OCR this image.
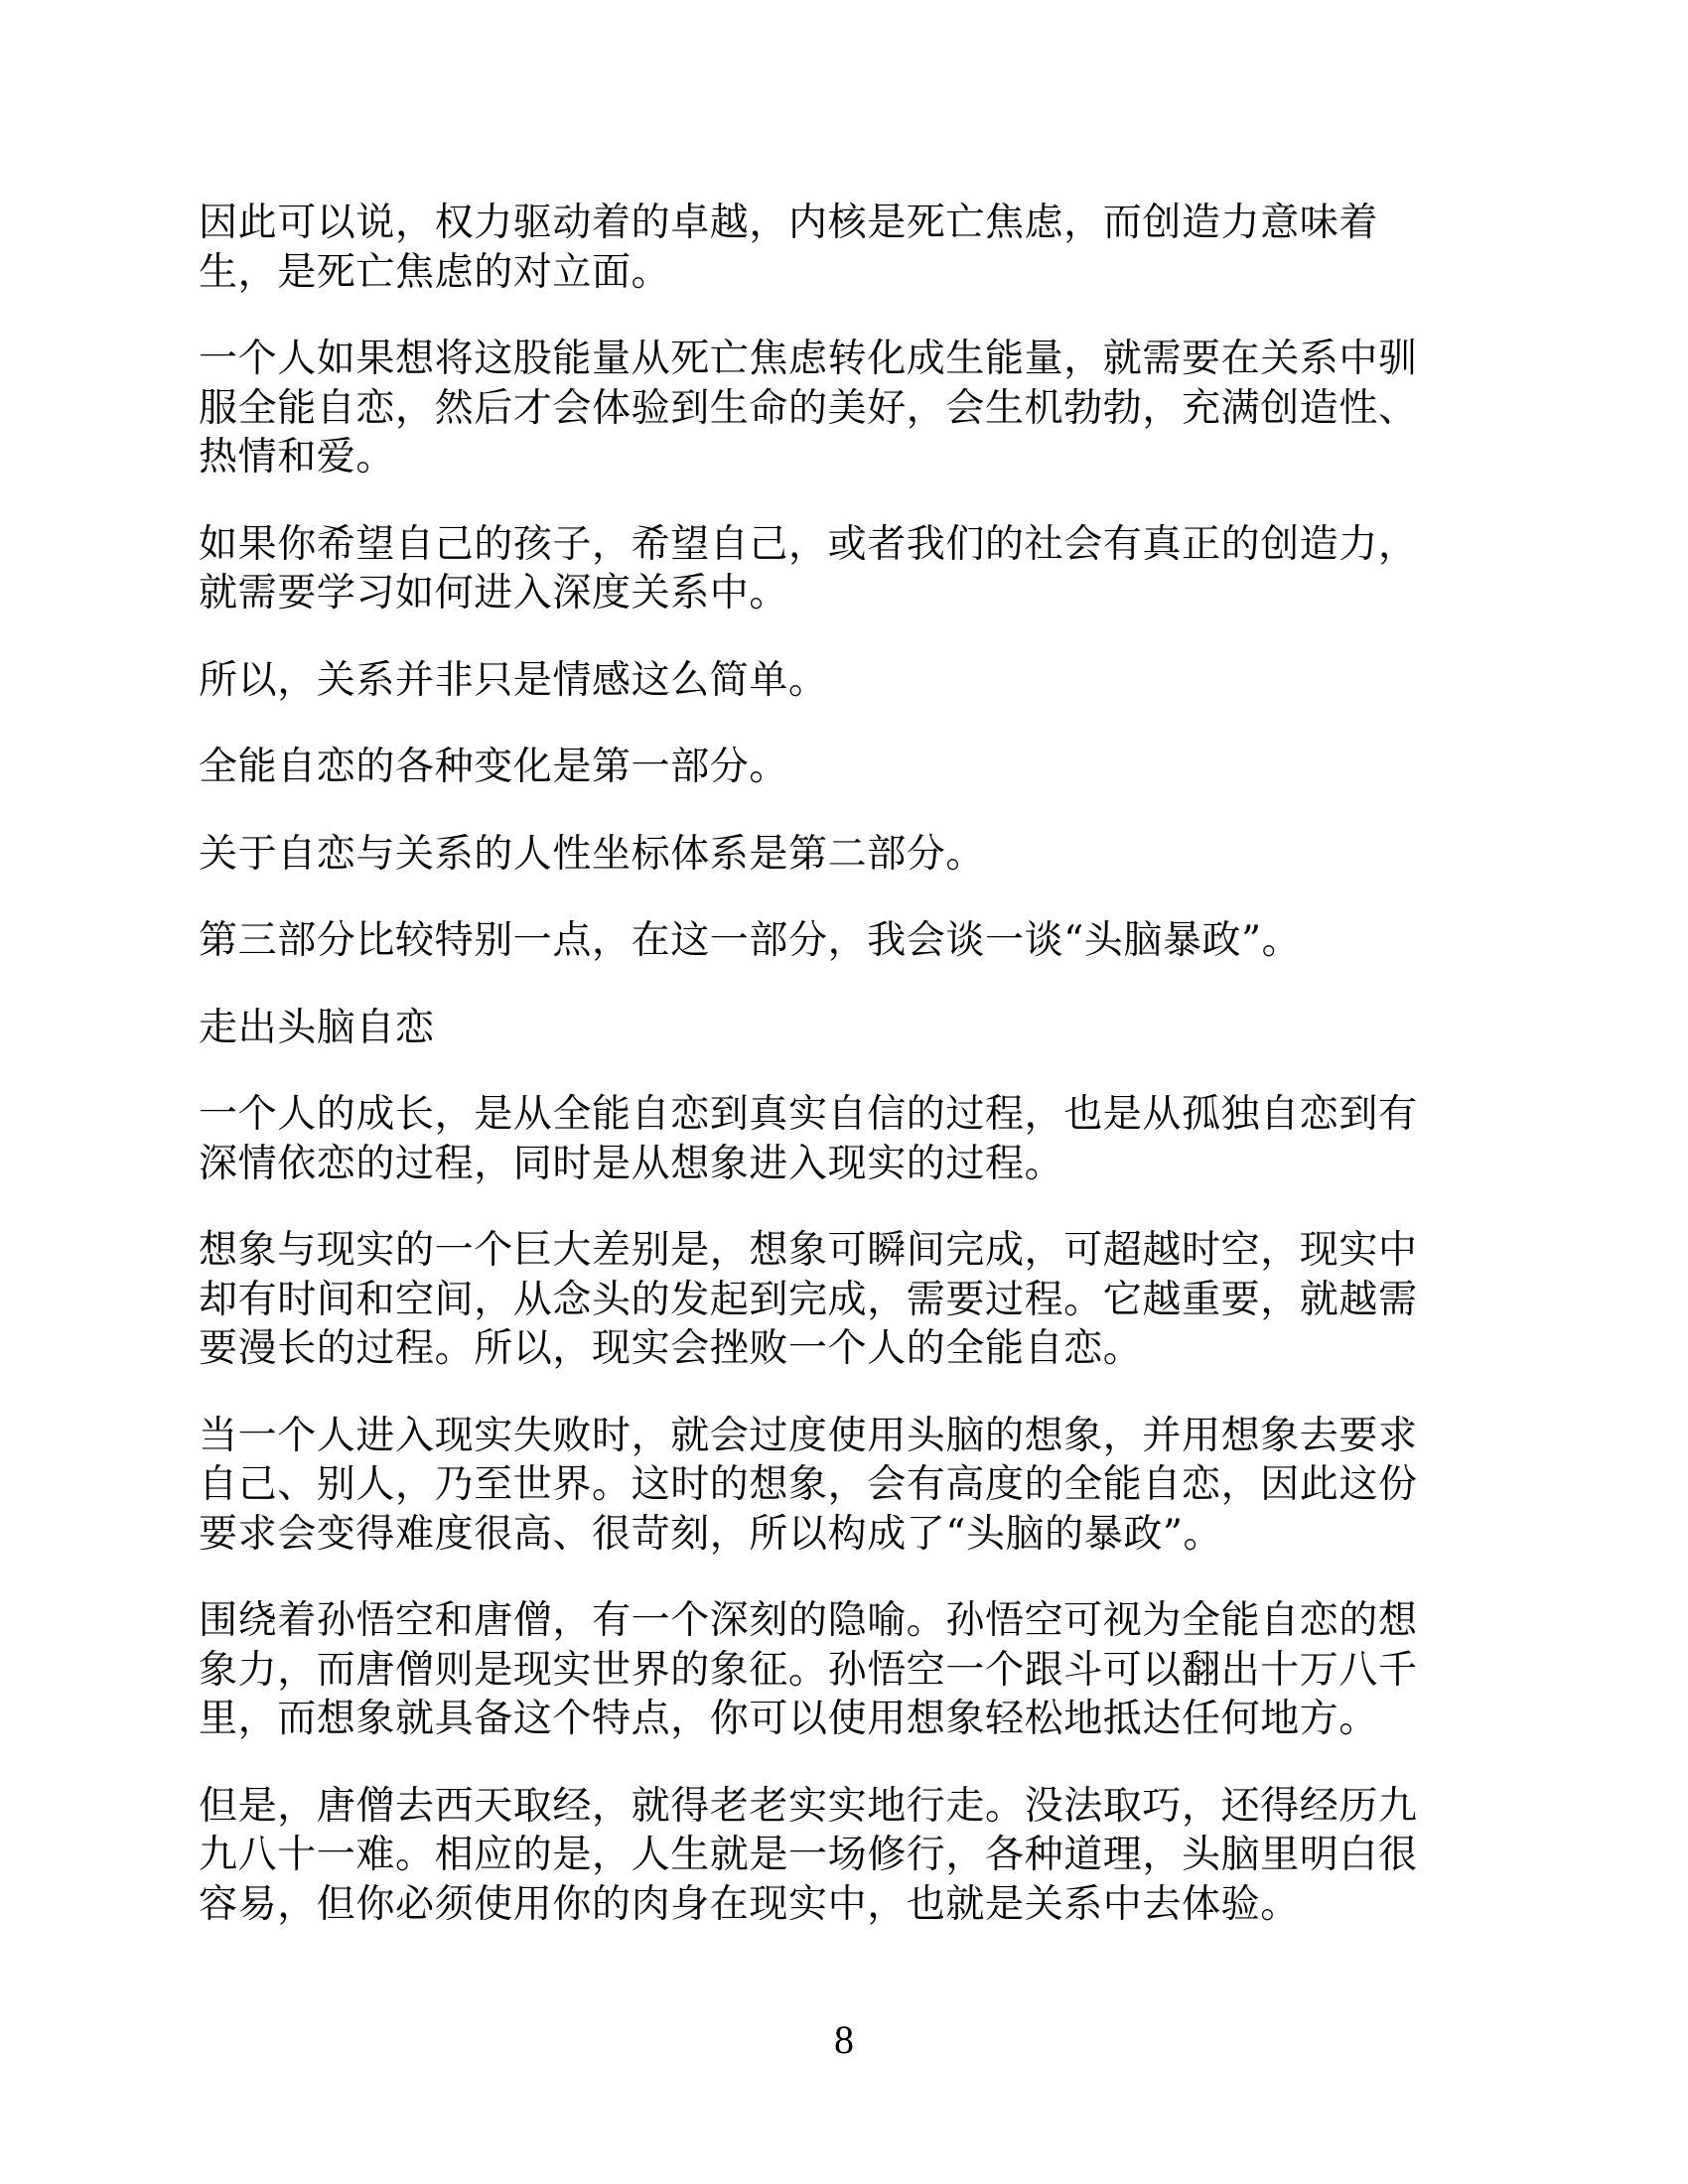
因此可以说，权力驱动着的卓越，内核是死亡焦虑，而创造力意味着
生，是死亡焦虑的对立面。

一个人如果想将这股能量从死亡焦虑转化成生能量，就需要在关系中驯
服全能自恋，然后才会体验到生命的美好，会生机勃勃，充满创造性、
热情和爱。

如果你希望自己的孩子，希望自己，或者我们的社会有真正的创造力，
就需要学习如何进入深度关系中。

所以，关系并非只是情感这么简单。

全能自恋的各种变化是第一部分。

关于自恋与关系的人性坐标体系是第二部分。

第三部分比较特别一点，在这一部分，我会谈一谈“头脑暴政”。

走出头脑自恋

一个人的成长，是从全能自恋到真实自信的过程，也是从孤独自恋到有
深情依恋的过程，同时是从想象进入现实的过程。

想象与现实的一个巨大差别是，想象可瞬间完成，可超越时空，现实中
却有时间和空间，从念头的发起到完成，需要过程。它越重要，就越需
要漫长的过程。所以，现实会挫败一个人的全能自恋。

当一个人进入现实失败时，就会过度使用头脑的想象，并用想象去要求
自己、别人，乃至世界。这时的想象，会有高度的全能自恋，因此这份
要求会变得难度很高、很苛刻，所以构成了“头脑的暴政”。

围绕着孙悟空和唐僧，有一个深刻的隐喻。孙悟空可视为全能自恋的想
象力，而唐僧则是现实世界的象征。孙悟空一个跟斗可以翻出十万八千
里，而想象就具备这个特点，你可以使用想象轻松地抵达任何地方。

但是，唐僧去西天取经，就得老老实实地行走。没法取巧，还得经历九
九八十一难。相应的是，人生就是一场修行，各种道理，头脑里明白很
容易，但你必须使用你的肉身在现实中，也就是关系中去体验。

8
